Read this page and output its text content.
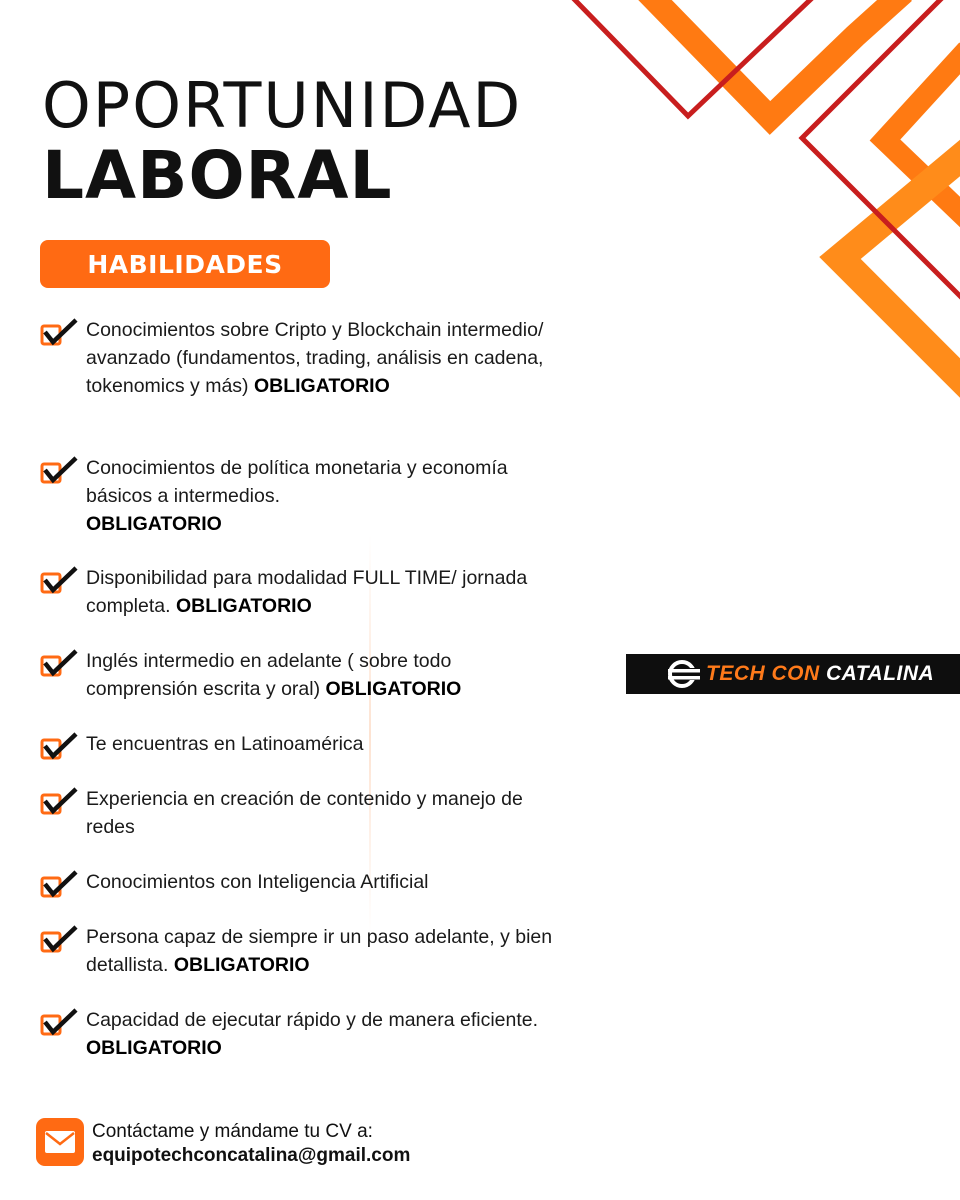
OPORTUNIDAD
LABORAL
HABILIDADES
Conocimientos sobre Cripto y Blockchain intermedio/ avanzado (fundamentos, trading, análisis en cadena, tokenomics y más) OBLIGATORIO
Conocimientos de política monetaria y economía básicos a intermedios.
OBLIGATORIO
Disponibilidad para modalidad FULL TIME/ jornada completa. OBLIGATORIO
Inglés intermedio en adelante ( sobre todo comprensión escrita y oral) OBLIGATORIO
Te encuentras en Latinoamérica
Experiencia en creación de contenido y manejo de redes
Conocimientos con Inteligencia Artificial
Persona capaz de siempre ir un paso adelante, y bien detallista. OBLIGATORIO
Capacidad de ejecutar rápido y de manera eficiente. OBLIGATORIO
Contáctame y mándame tu CV a:
equipotechconcatalina@gmail.com
TECH CON CATALINA
